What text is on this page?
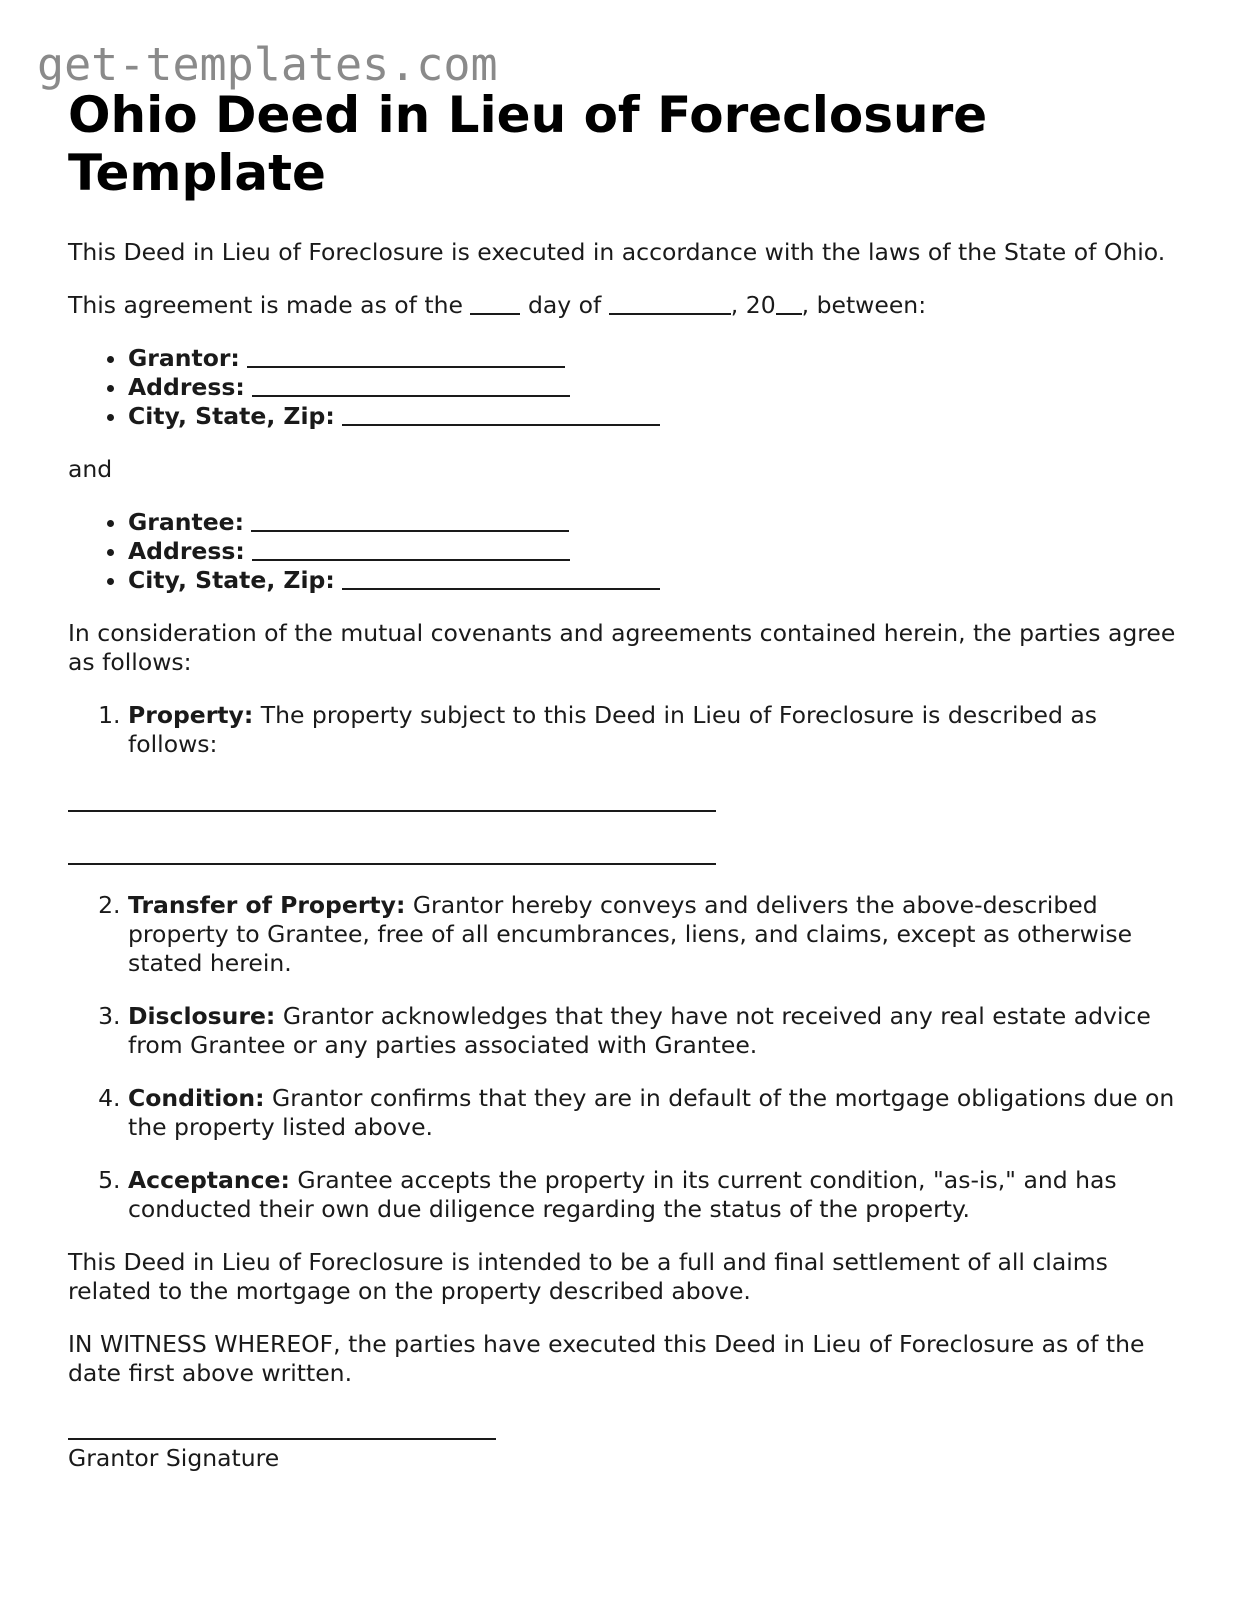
get-templates.com
Ohio Deed in Lieu of Foreclosure Template

This Deed in Lieu of Foreclosure is executed in accordance with the laws of the State of Ohio.

This agreement is made as of the	day of	, 20 , between:

• Grantor:
• Address:
• City, State, Zip:

and

• Grantee:
• Address:
• City, State, Zip:

In consideration of the mutual covenants and agreements contained herein, the parties agree as follows:

1. Property: The property subject to this Deed in Lieu of Foreclosure is described as follows:
2. Transfer of Property: Grantor hereby conveys and delivers the above-described property to Grantee, free of all encumbrances, liens, and claims, except as otherwise stated herein.
3. Disclosure: Grantor acknowledges that they have not received any real estate advice from Grantee or any parties associated with Grantee.
4. Condition: Grantor confirms that they are in default of the mortgage obligations due on the property listed above.
5. Acceptance: Grantee accepts the property in its current condition, "as-is," and has conducted their own due diligence regarding the status of the property.

This Deed in Lieu of Foreclosure is intended to be a full and final settlement of all claims related to the mortgage on the property described above.

IN WITNESS WHEREOF, the parties have executed this Deed in Lieu of Foreclosure as of the date first above written.

Grantor Signature
